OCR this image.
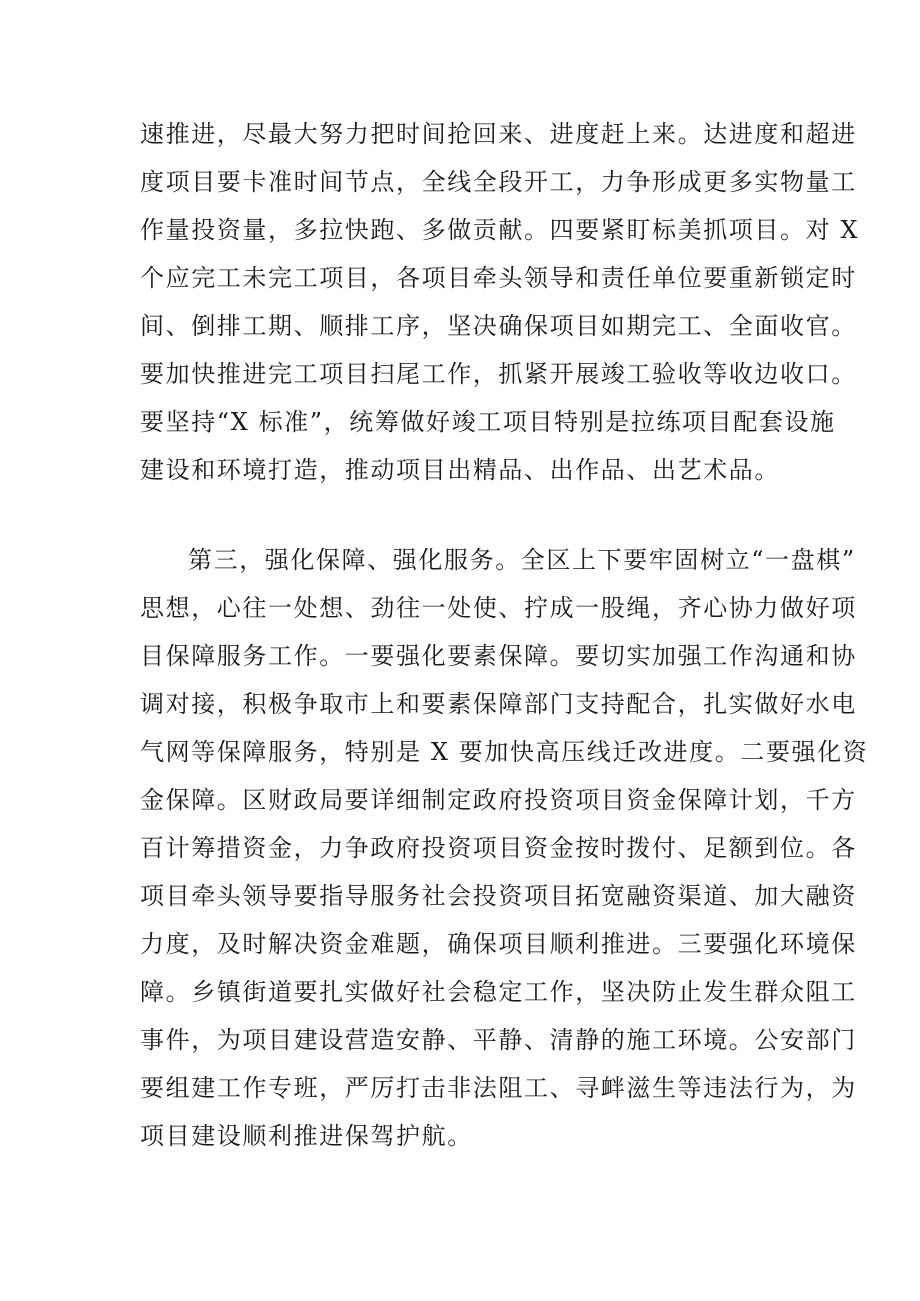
速推进，尽最大努力把时间抢回来、进度赶上来。达进度和超进
度项目要卡准时间节点，全线全段开工，力争形成更多实物量工
作量投资量，多拉快跑、多做贡献。四要紧盯标美抓项目。对 X
个应完工未完工项目，各项目牵头领导和责任单位要重新锁定时
间、倒排工期、顺排工序，坚决确保项目如期完工、全面收官。
要加快推进完工项目扫尾工作，抓紧开展竣工验收等收边收口。
要坚持“X 标准”，统筹做好竣工项目特别是拉练项目配套设施
建设和环境打造，推动项目出精品、出作品、出艺术品。
第三，强化保障、强化服务。全区上下要牢固树立“一盘棋”
思想，心往一处想、劲往一处使、拧成一股绳，齐心协力做好项
目保障服务工作。一要强化要素保障。要切实加强工作沟通和协
调对接，积极争取市上和要素保障部门支持配合，扎实做好水电
气网等保障服务，特别是 X 要加快高压线迁改进度。二要强化资
金保障。区财政局要详细制定政府投资项目资金保障计划，千方
百计筹措资金，力争政府投资项目资金按时拨付、足额到位。各
项目牵头领导要指导服务社会投资项目拓宽融资渠道、加大融资
力度，及时解决资金难题，确保项目顺利推进。三要强化环境保
障。乡镇街道要扎实做好社会稳定工作，坚决防止发生群众阻工
事件，为项目建设营造安静、平静、清静的施工环境。公安部门
要组建工作专班，严厉打击非法阻工、寻衅滋生等违法行为，为
项目建设顺利推进保驾护航。
